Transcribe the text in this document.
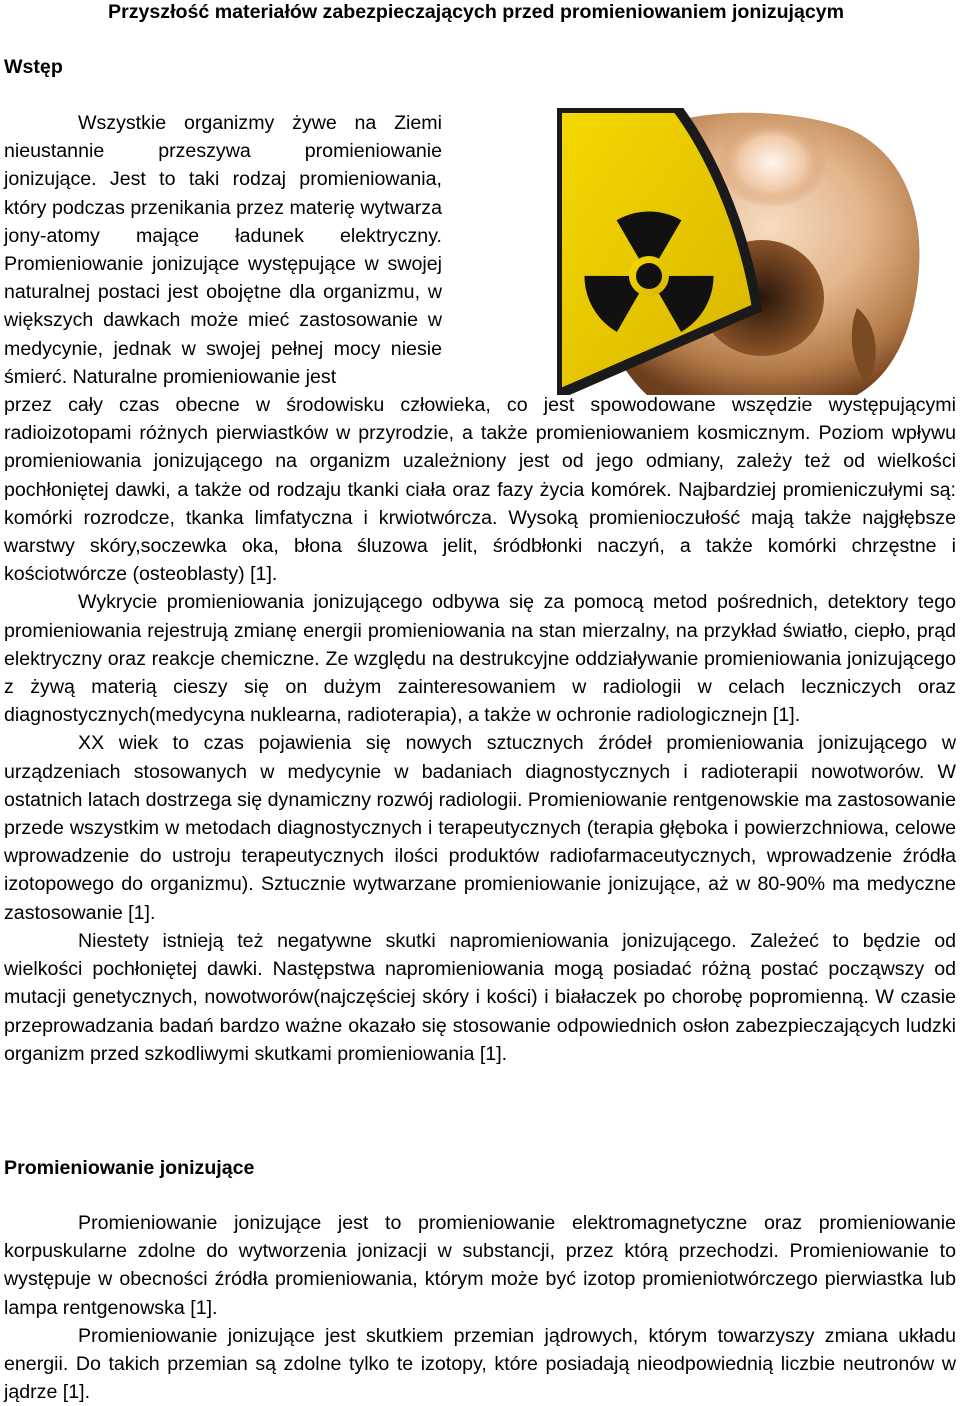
Przyszłość materiałów zabezpieczających przed promieniowaniem jonizującym
Wstęp

Wszystkie organizmy żywe na Ziemi nieustannie przeszywa promieniowanie jonizujące. Jest to taki rodzaj promieniowania, który podczas przenikania przez materię wytwarza jony-atomy mające ładunek elektryczny. Promieniowanie jonizujące występujące w swojej naturalnej postaci jest obojętne dla organizmu, w większych dawkach może mieć zastosowanie w medycynie, jednak w swojej pełnej mocy niesie śmierć. Naturalne promieniowanie jest

przez cały czas obecne w środowisku człowieka, co jest spowodowane wszędzie występującymi radioizotopami różnych pierwiastków w przyrodzie, a także promieniowaniem kosmicznym. Poziom wpływu promieniowania jonizującego na organizm uzależniony jest od jego odmiany, zależy też od wielkości pochłoniętej dawki, a także od rodzaju tkanki ciała oraz fazy życia komórek. Najbardziej promieniczułymi są: komórki rozrodcze, tkanka limfatyczna i krwiotwórcza. Wysoką promienioczułość mają także najgłębsze warstwy skóry,soczewka oka, błona śluzowa jelit, śródbłonki naczyń, a także komórki chrzęstne i kościotwórcze (osteoblasty) [1].

Wykrycie promieniowania jonizującego odbywa się za pomocą metod pośrednich, detektory tego promieniowania rejestrują zmianę energii promieniowania na stan mierzalny, na przykład światło, ciepło, prąd elektryczny oraz reakcje chemiczne. Ze względu na destrukcyjne oddziaływanie promieniowania jonizującego z żywą materią cieszy się on dużym zainteresowaniem w radiologii w celach leczniczych oraz diagnostycznych(medycyna nuklearna, radioterapia), a także w ochronie radiologicznejn [1].

XX wiek to czas pojawienia się nowych sztucznych źródeł promieniowania jonizującego w urządzeniach stosowanych w medycynie w badaniach diagnostycznych i radioterapii nowotworów. W ostatnich latach dostrzega się dynamiczny rozwój radiologii. Promieniowanie rentgenowskie ma zastosowanie przede wszystkim w metodach diagnostycznych i terapeutycznych (terapia głęboka i powierzchniowa, celowe wprowadzenie do ustroju terapeutycznych ilości produktów radiofarmaceutycznych, wprowadzenie źródła izotopowego do organizmu). Sztucznie wytwarzane promieniowanie jonizujące, aż w 80-90% ma medyczne zastosowanie [1].

Niestety istnieją też negatywne skutki napromieniowania jonizującego. Zależeć to będzie od wielkości pochłoniętej dawki. Następstwa napromieniowania mogą posiadać różną postać począwszy od mutacji genetycznych, nowotworów(najczęściej skóry i kości) i białaczek po chorobę popromienną. W czasie przeprowadzania badań bardzo ważne okazało się stosowanie odpowiednich osłon zabezpieczających ludzki organizm przed szkodliwymi skutkami promieniowania [1].

Promieniowanie jonizujące

Promieniowanie jonizujące jest to promieniowanie elektromagnetyczne oraz promieniowanie korpuskularne zdolne do wytworzenia jonizacji w substancji, przez którą przechodzi. Promieniowanie to występuje w obecności źródła promieniowania, którym może być izotop promieniotwórczego pierwiastka lub lampa rentgenowska [1].

Promieniowanie jonizujące jest skutkiem przemian jądrowych, którym towarzyszy zmiana układu energii. Do takich przemian są zdolne tylko te izotopy, które posiadają nieodpowiednią liczbie neutronów w jądrze [1].
